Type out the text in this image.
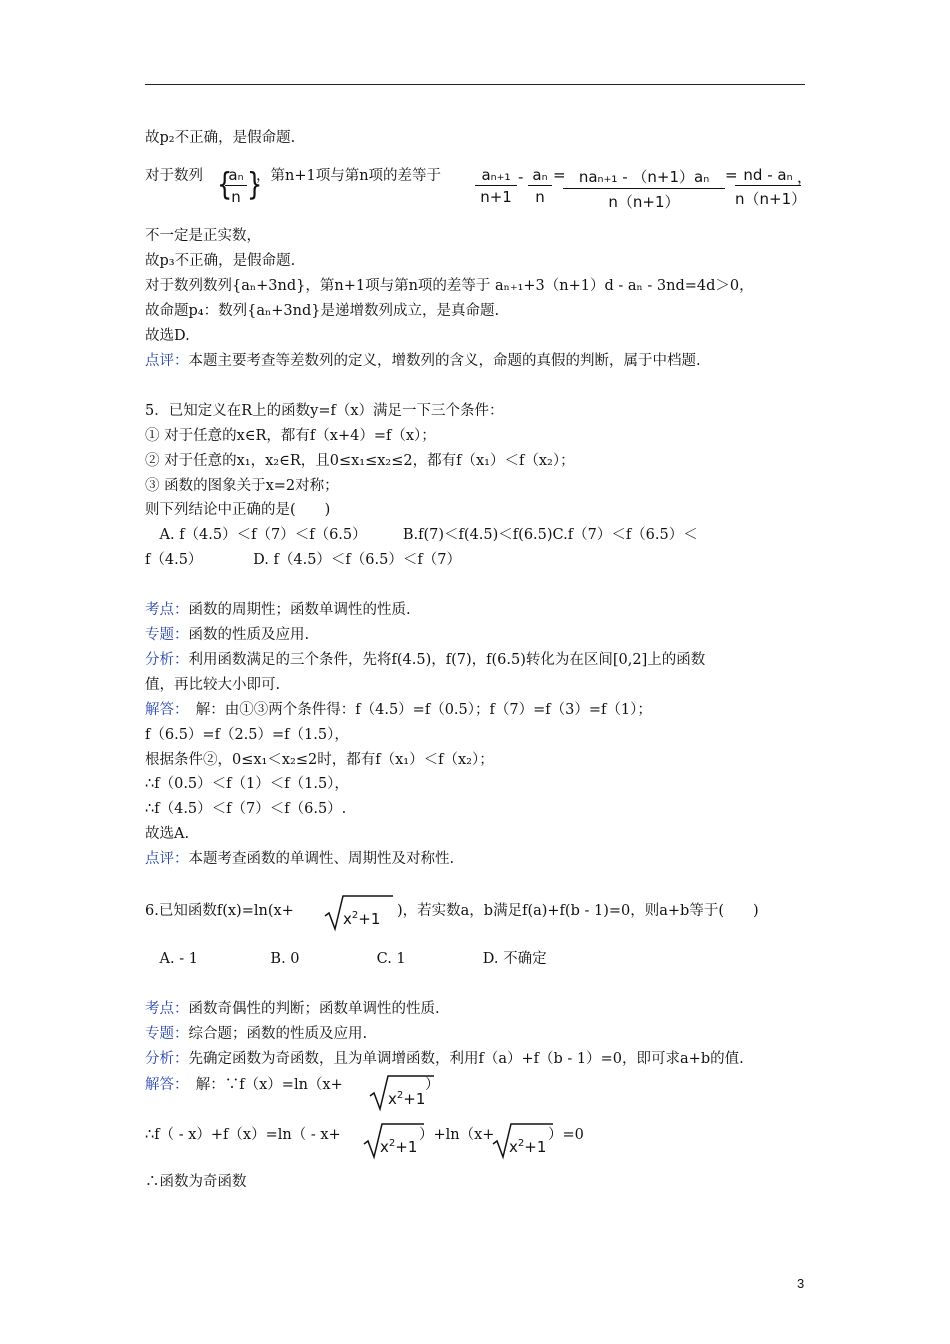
故p₂不正确，是假命题.
对于数列 {
aₙ
n }
，第n+1项与第n项的差等于	aₙ₊₁
n+1
- aₙ
n
= naₙ₊₁ - （n+1）aₙ
n（n+1）
= nd - aₙ
n（n+1）
，
不一定是正实数，
故p₃不正确，是假命题.
对于数列数列{aₙ+3nd}，第n+1项与第n项的差等于 aₙ₊₁+3（n+1）d - aₙ - 3nd=4d＞0，
故命题p₄：数列{aₙ+3nd}是递增数列成立，是真命题.
故选D.
点评：本题主要考查等差数列的定义，增数列的含义，命题的真假的判断，属于中档题.
5．已知定义在R上的函数y=f（x）满足一下三个条件：
① 对于任意的x∈R，都有f（x+4）=f（x）；
② 对于任意的x₁，x₂∈R，且0≤x₁≤x₂≤2，都有f（x₁）＜f（x₂）；
③ 函数的图象关于x=2对称；
则下列结论中正确的是(　　)
　A. f（4.5）＜f（7）＜f（6.5）　　　B.f(7)＜f(4.5)＜f(6.5)C.f（7）＜f（6.5）＜
f（4.5）　　　　D. f（4.5）＜f（6.5）＜f（7）
考点：函数的周期性；函数单调性的性质.
专题：函数的性质及应用.
分析：利用函数满足的三个条件，先将f(4.5)，f(7)，f(6.5)转化为在区间[0,2]上的函数
值，再比较大小即可.
解答：　解：由①③两个条件得：f（4.5）=f（0.5）；f（7）=f（3）=f（1）；
f（6.5）=f（2.5）=f（1.5），
根据条件②，0≤x₁＜x₂≤2时，都有f（x₁）＜f（x₂）；
∴f（0.5）＜f（1）＜f（1.5），
∴f（4.5）＜f（7）＜f（6.5）.
故选A.
点评：本题考查函数的单调性、周期性及对称性.
6.已知函数f(x)=ln(x+	$x^2+1$ )，若实数a，b满足f(a)+f(b - 1)=0，则a+b等于(　　)
　A. - 1　　　　　B. 0　　　　　 C. 1　　　　　 D. 不确定
考点：函数奇偶性的判断；函数单调性的性质.
专题：综合题；函数的性质及应用.
分析：先确定函数为奇函数，且为单调增函数，利用f（a）+f（b - 1）=0，即可求a+b的值.
解答：　解：∵f（x）=ln（x+
$x^2+1$
）
∴f（ - x）+f（x）=ln（ - x+
$x^2+1$
）+ln（x+
$x^2+1$
）=0
∴函数为奇函数
3
